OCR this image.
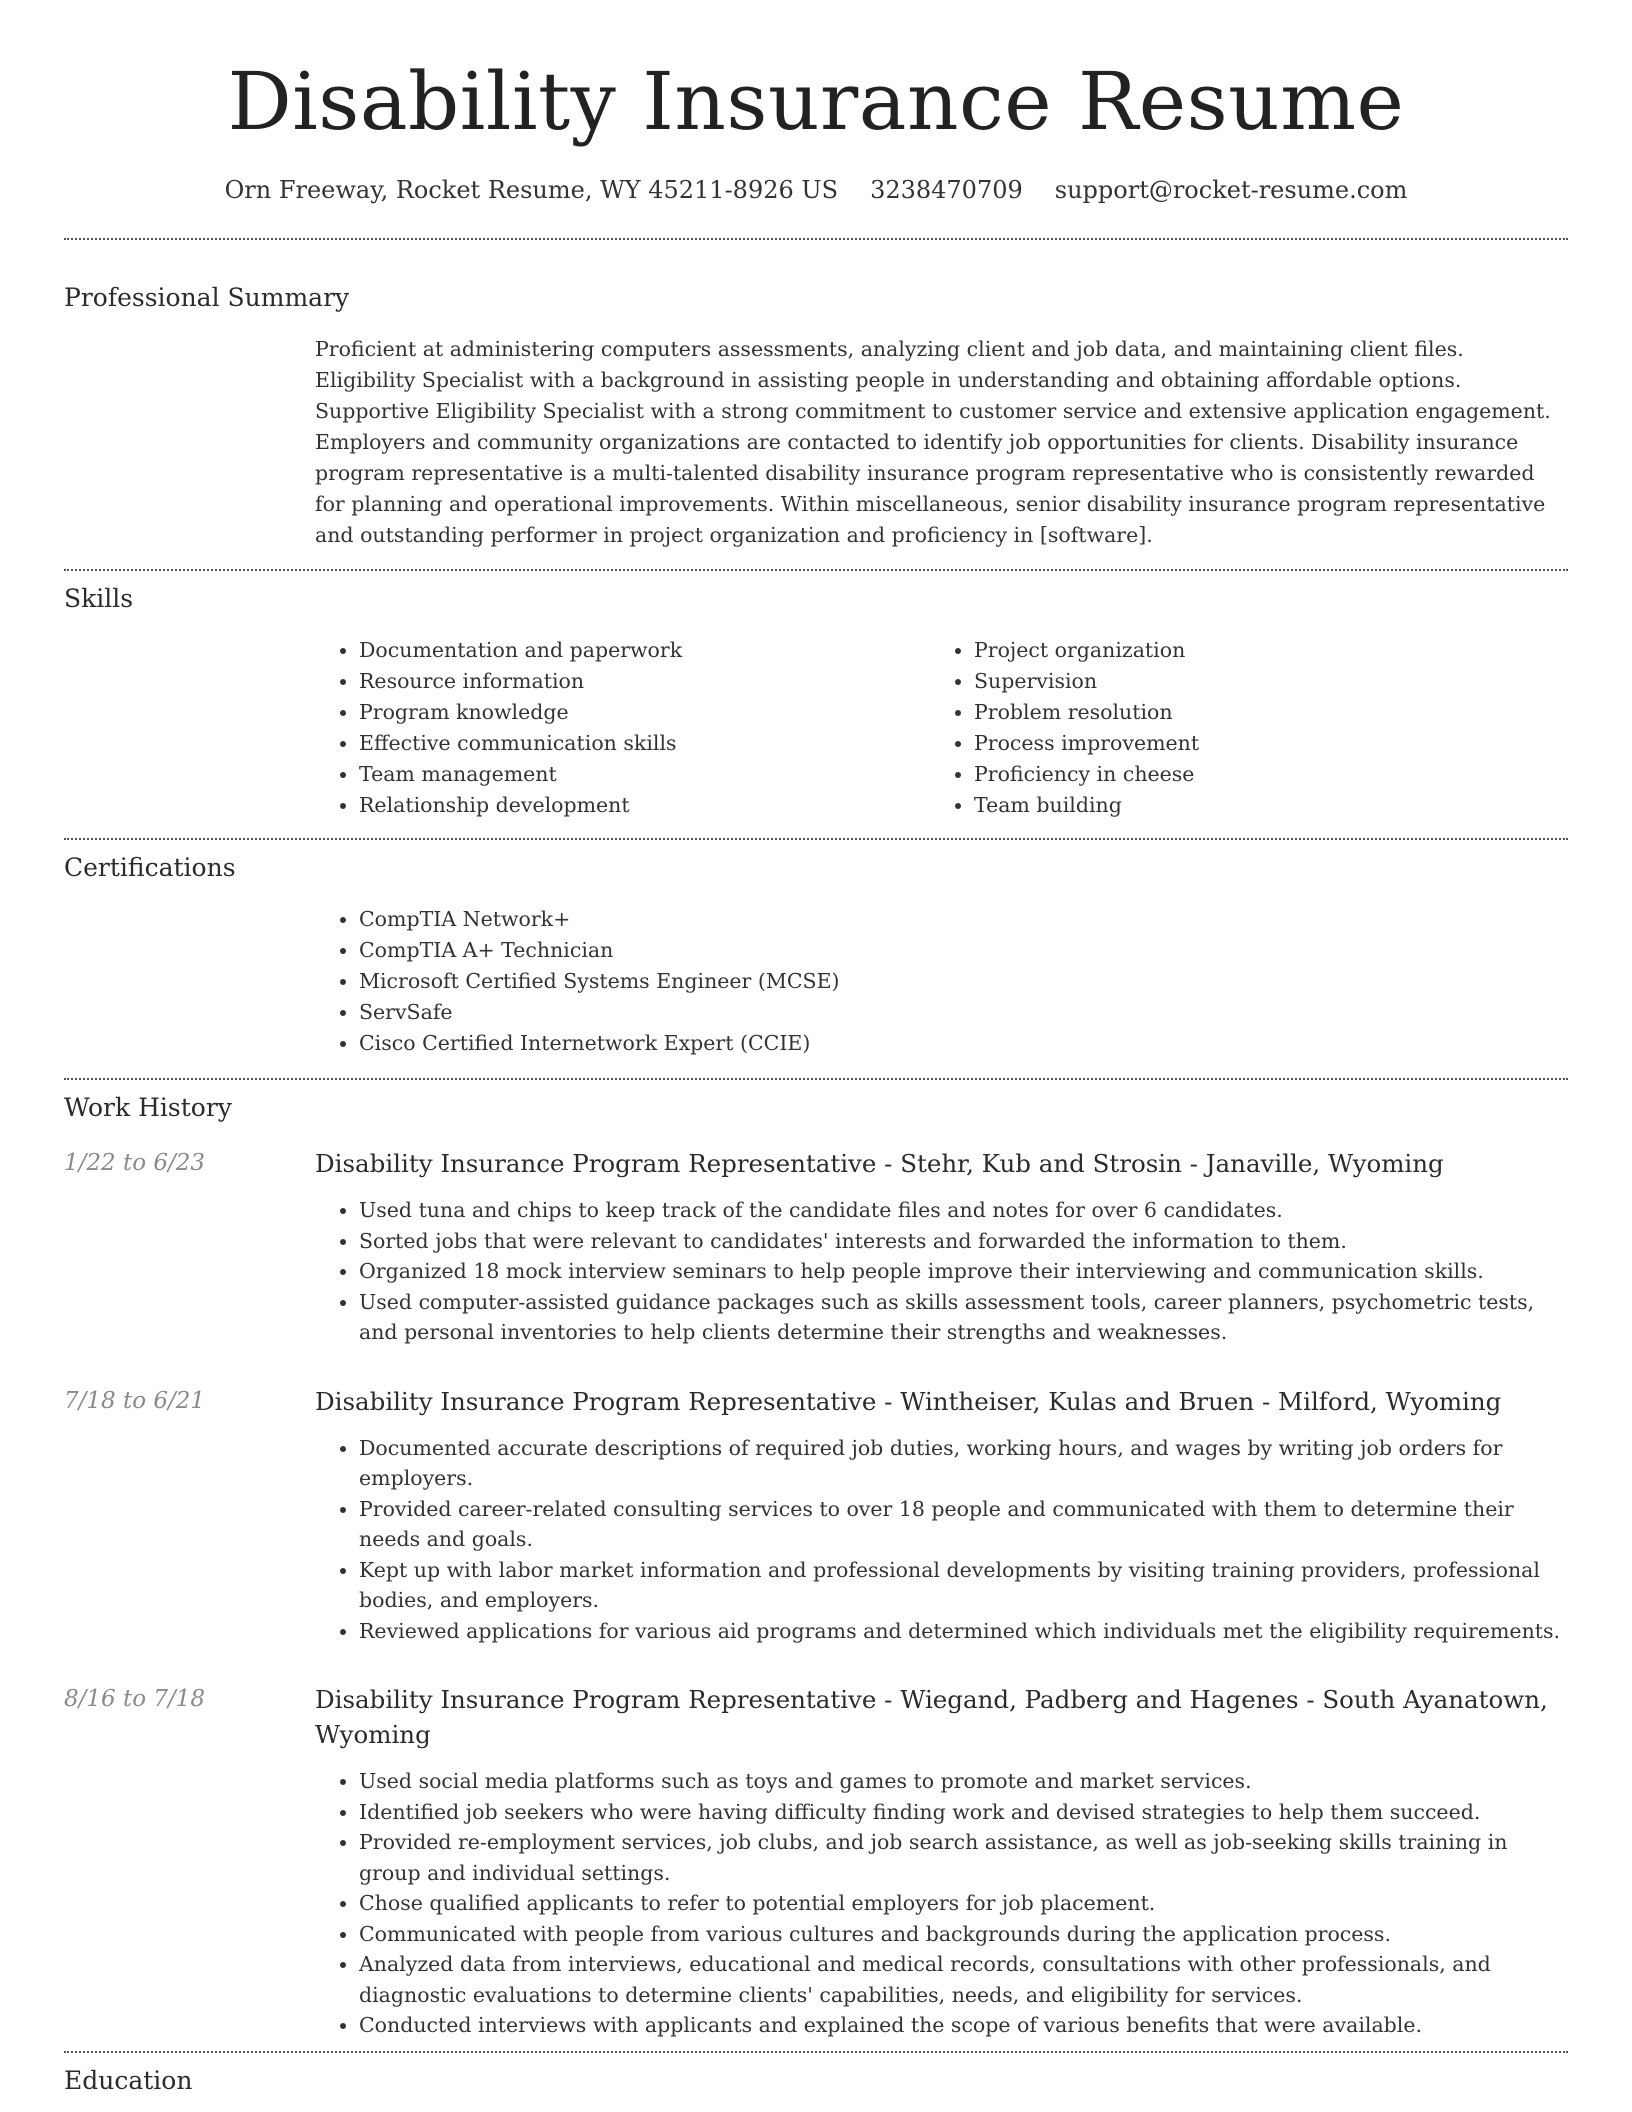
Disability Insurance Resume
Orn Freeway, Rocket Resume, WY 45211-8926 US 3238470709 support@rocket-resume.com
Professional Summary
Proficient at administering computers assessments, analyzing client and job data, and maintaining client files. Eligibility Specialist with a background in assisting people in understanding and obtaining affordable options. Supportive Eligibility Specialist with a strong commitment to customer service and extensive application engagement. Employers and community organizations are contacted to identify job opportunities for clients. Disability insurance program representative is a multi-talented disability insurance program representative who is consistently rewarded for planning and operational improvements. Within miscellaneous, senior disability insurance program representative and outstanding performer in project organization and proficiency in [software].
Skills
• Documentation and paperwork
• Resource information
• Program knowledge
• Effective communication skills
• Team management
• Relationship development
• Project organization
• Supervision
• Problem resolution
• Process improvement
• Proficiency in cheese
• Team building
Certifications
• CompTIA Network+
• CompTIA A+ Technician
• Microsoft Certified Systems Engineer (MCSE)
• ServSafe
• Cisco Certified Internetwork Expert (CCIE)
Work History
1/22 to 6/23	Disability Insurance Program Representative - Stehr, Kub and Strosin - Janaville, Wyoming
• Used tuna and chips to keep track of the candidate files and notes for over 6 candidates.
• Sorted jobs that were relevant to candidates' interests and forwarded the information to them.
• Organized 18 mock interview seminars to help people improve their interviewing and communication skills.
• Used computer-assisted guidance packages such as skills assessment tools, career planners, psychometric tests, and personal inventories to help clients determine their strengths and weaknesses.
7/18 to 6/21	Disability Insurance Program Representative - Wintheiser, Kulas and Bruen - Milford, Wyoming
• Documented accurate descriptions of required job duties, working hours, and wages by writing job orders for employers.
• Provided career-related consulting services to over 18 people and communicated with them to determine their needs and goals.
• Kept up with labor market information and professional developments by visiting training providers, professional bodies, and employers.
• Reviewed applications for various aid programs and determined which individuals met the eligibility requirements.
8/16 to 7/18	Disability Insurance Program Representative - Wiegand, Padberg and Hagenes - South Ayanatown, Wyoming
• Used social media platforms such as toys and games to promote and market services.
• Identified job seekers who were having difficulty finding work and devised strategies to help them succeed.
• Provided re-employment services, job clubs, and job search assistance, as well as job-seeking skills training in group and individual settings.
• Chose qualified applicants to refer to potential employers for job placement.
• Communicated with people from various cultures and backgrounds during the application process.
• Analyzed data from interviews, educational and medical records, consultations with other professionals, and diagnostic evaluations to determine clients' capabilities, needs, and eligibility for services.
• Conducted interviews with applicants and explained the scope of various benefits that were available.
Education
